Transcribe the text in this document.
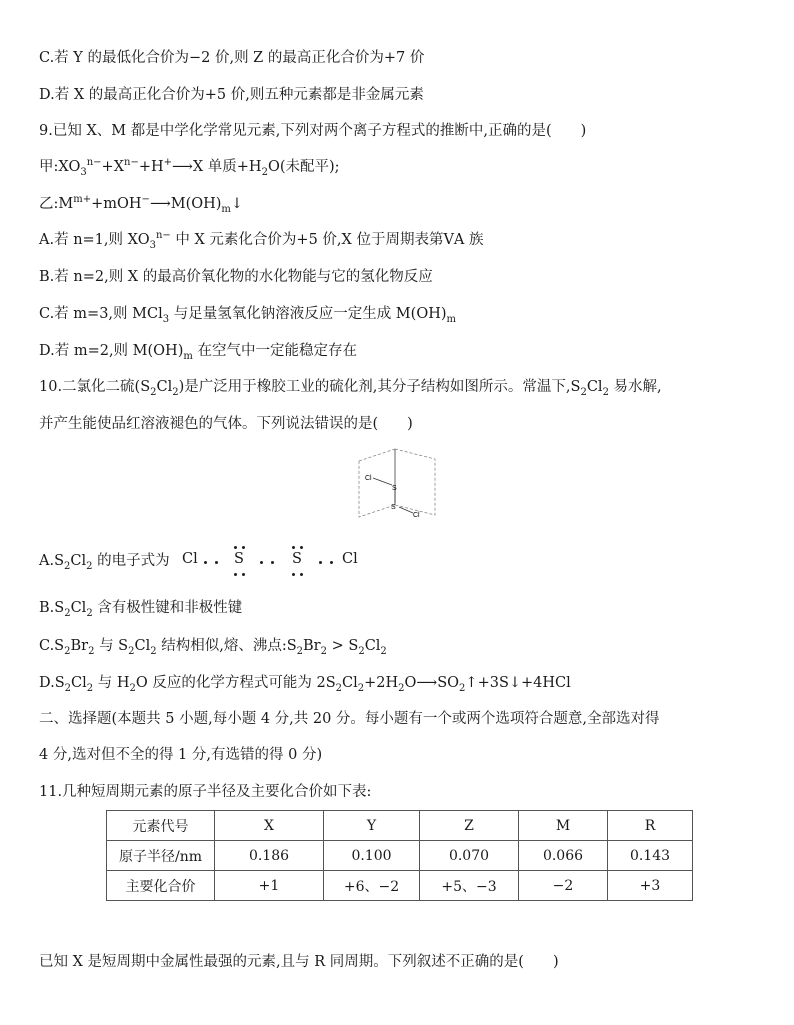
C.若 Y 的最低化合价为−2 价,则 Z 的最高正化合价为+7 价
D.若 X 的最高正化合价为+5 价,则五种元素都是非金属元素
9.已知 X、M 都是中学化学常见元素,下列对两个离子方程式的推断中,正确的是(　　)
甲$:XO_3^{n-}+X^{n-}+H^+⟶X$ 单质$+H_2O$(未配平);
乙$:M^{m+}+mOH^-⟶M(OH)_m↓$
A.若 n=1,则 $XO_3^{n-}$ 中 X 元素化合价为+5 价,X 位于周期表第ⅤA 族
B.若 n=2,则 X 的最高价氧化物的水化物能与它的氢化物反应
C.若 m=3,则 MCl$_3$ 与足量氢氧化钠溶液反应一定生成 $M(OH)_m$
D.若 m=2,则 $M(OH)_m$ 在空气中一定能稳定存在
10.二氯化二硫$(S_2Cl_2)$是广泛用于橡胶工业的硫化剂,其分子结构如图所示。常温下$,S_2Cl_2$ 易水解,
并产生能使品红溶液褪色的气体。下列说法错误的是(　　)
Cl
S
S
Cl
$A.S_2Cl_2$ 的电子式为 Cl	S	S	Cl
$B.S_2Cl_2$ 含有极性键和非极性键
$C.S_2Br_2$ 与 $S_2Cl_2$ 结构相似,熔、沸点$:S_2Br_2 > S_2Cl_2$
$D.S_2Cl_2$ 与 $H_2O$ 反应的化学方程式可能为 $2S_2Cl_2+2H_2O⟶SO_2↑+3S↓+4HCl$
二、选择题(本题共 5 小题,每小题 4 分,共 20 分。每小题有一个或两个选项符合题意,全部选对得
4 分,选对但不全的得 1 分,有选错的得 0 分)
11.几种短周期元素的原子半径及主要化合价如下表:
元素代号	X	Y	Z	M	R
原子半径/nm	0.186	0.100	0.070	0.066	0.143
主要化合价	+1	+6、−2	+5、−3	−2	+3
已知 X 是短周期中金属性最强的元素,且与 R 同周期。下列叙述不正确的是(　　)
